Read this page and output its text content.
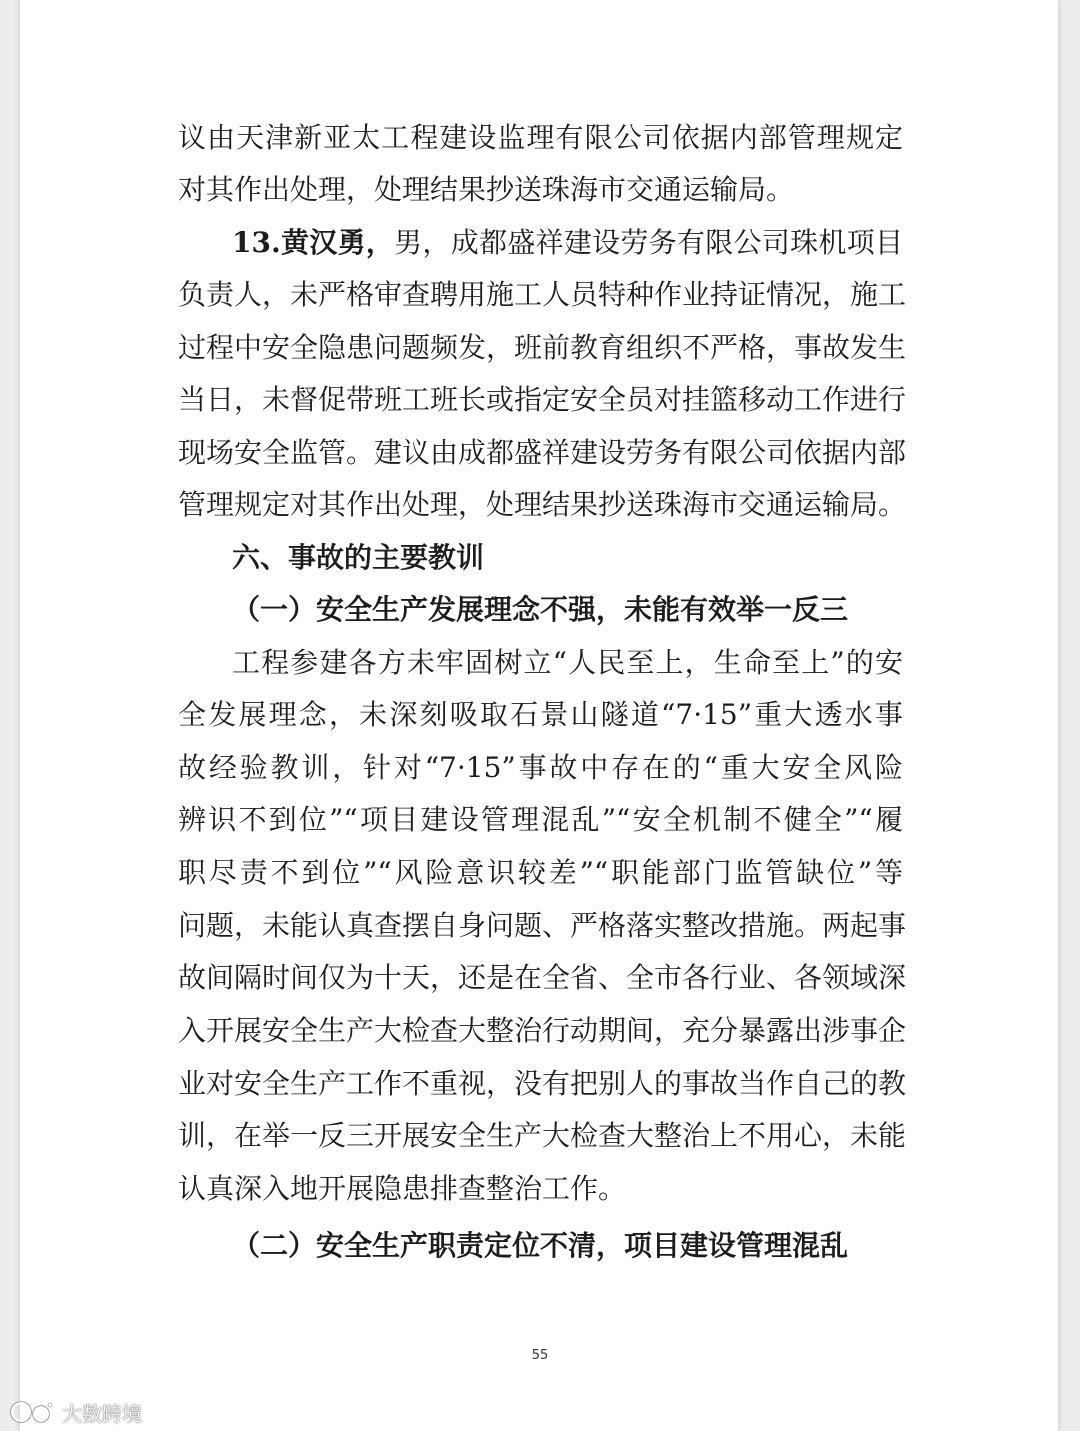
议由天津新亚太工程建设监理有限公司依据内部管理规定
对其作出处理，处理结果抄送珠海市交通运输局。
13.黄汉勇，男，成都盛祥建设劳务有限公司珠机项目
负责人，未严格审查聘用施工人员特种作业持证情况，施工
过程中安全隐患问题频发，班前教育组织不严格，事故发生
当日，未督促带班工班长或指定安全员对挂篮移动工作进行
现场安全监管。建议由成都盛祥建设劳务有限公司依据内部
管理规定对其作出处理，处理结果抄送珠海市交通运输局。
六、事故的主要教训
（一）安全生产发展理念不强，未能有效举一反三
工程参建各方未牢固树立“人民至上，生命至上”的安
全发展理念，未深刻吸取石景山隧道“7·15”重大透水事
故经验教训，针对“7·15”事故中存在的“重大安全风险
辨识不到位”“项目建设管理混乱”“安全机制不健全”“履
职尽责不到位”“风险意识较差”“职能部门监管缺位”等
问题，未能认真查摆自身问题、严格落实整改措施。两起事
故间隔时间仅为十天，还是在全省、全市各行业、各领域深
入开展安全生产大检查大整治行动期间，充分暴露出涉事企
业对安全生产工作不重视，没有把别人的事故当作自己的教
训，在举一反三开展安全生产大检查大整治上不用心，未能
认真深入地开展隐患排查整治工作。
（二）安全生产职责定位不清，项目建设管理混乱
55
大数跨境
